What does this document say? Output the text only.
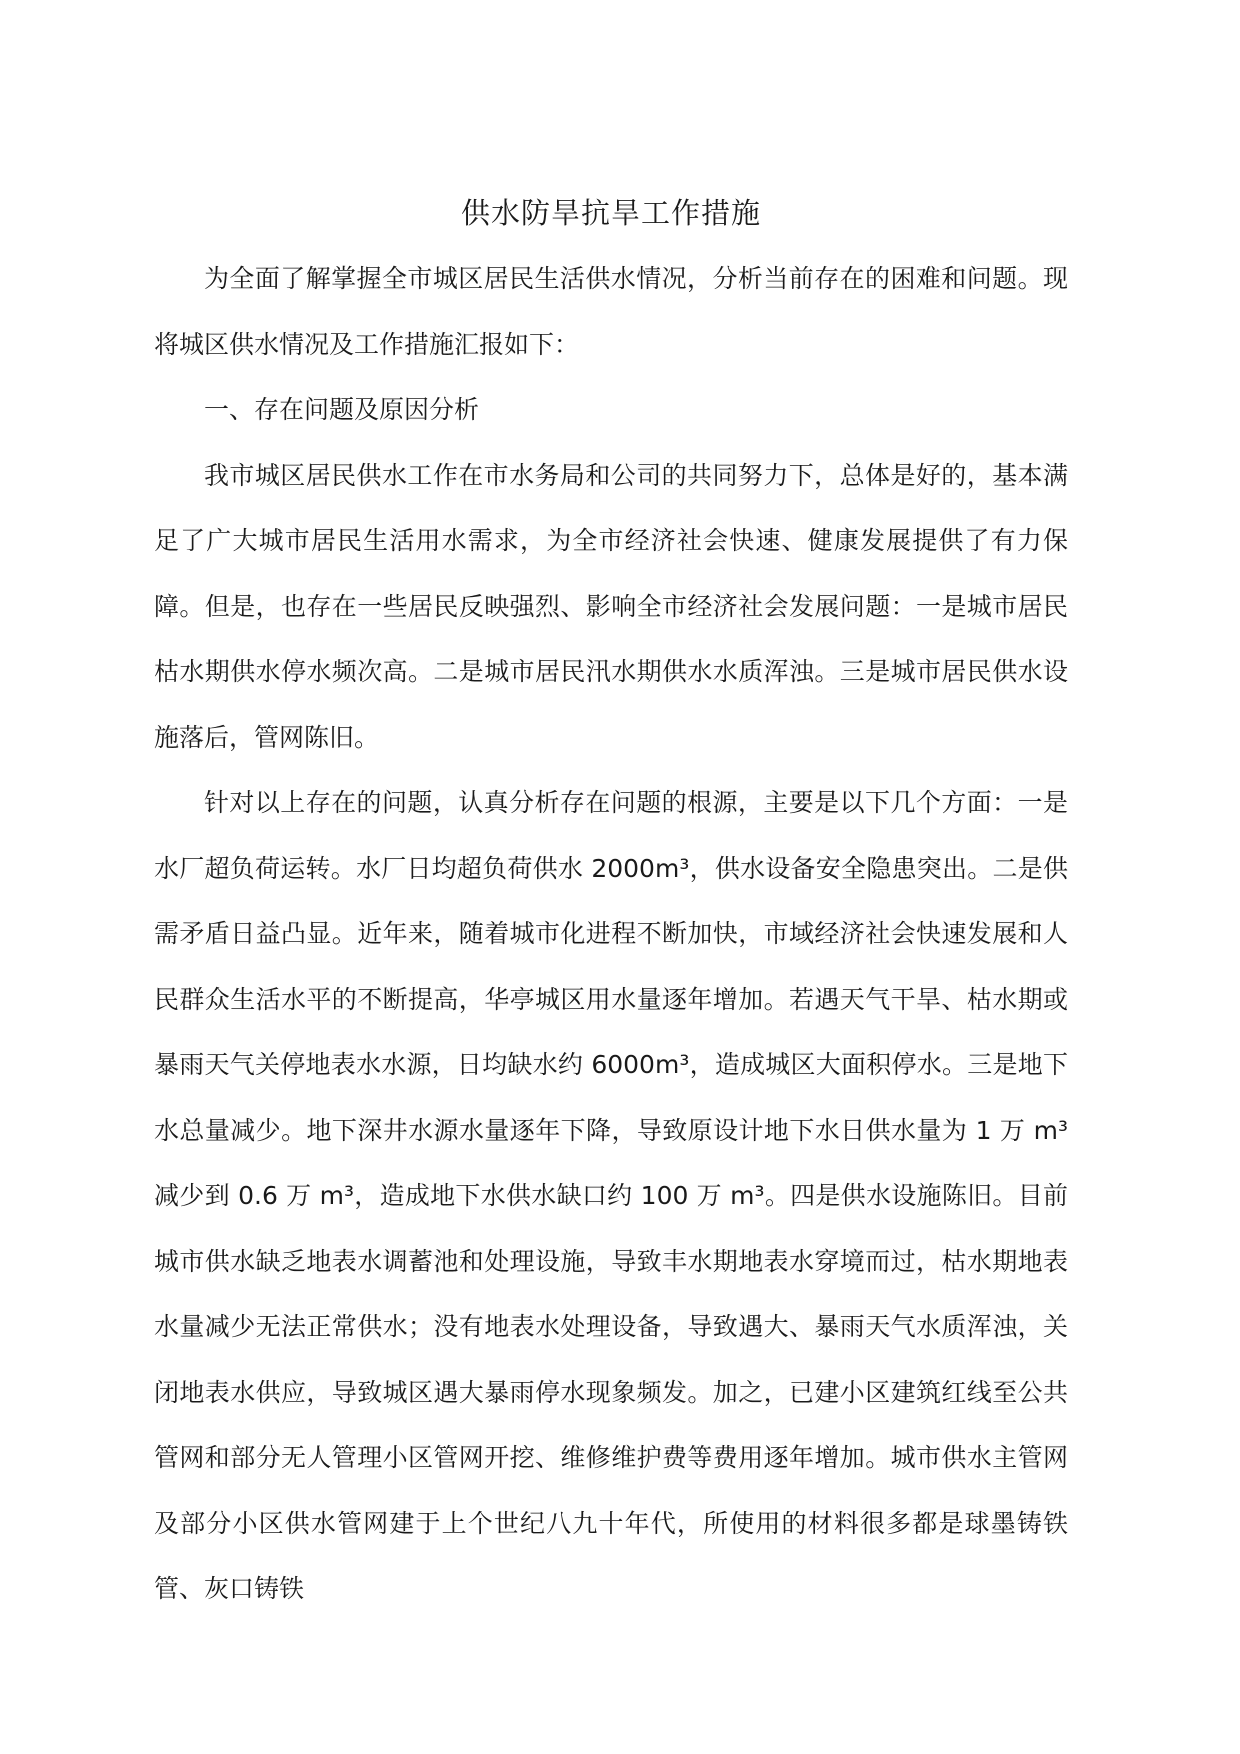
供水防旱抗旱工作措施

为全面了解掌握全市城区居民生活供水情况，分析当前存在的困难和问题。现将城区供水情况及工作措施汇报如下：

一、存在问题及原因分析

我市城区居民供水工作在市水务局和公司的共同努力下，总体是好的，基本满足了广大城市居民生活用水需求，为全市经济社会快速、健康发展提供了有力保障。但是，也存在一些居民反映强烈、影响全市经济社会发展问题：一是城市居民枯水期供水停水频次高。二是城市居民汛水期供水水质浑浊。三是城市居民供水设施落后，管网陈旧。

针对以上存在的问题，认真分析存在问题的根源，主要是以下几个方面：一是水厂超负荷运转。水厂日均超负荷供水 2000m³，供水设备安全隐患突出。二是供需矛盾日益凸显。近年来，随着城市化进程不断加快，市域经济社会快速发展和人民群众生活水平的不断提高，华亭城区用水量逐年增加。若遇天气干旱、枯水期或暴雨天气关停地表水水源，日均缺水约 6000m³，造成城区大面积停水。三是地下水总量减少。地下深井水源水量逐年下降，导致原设计地下水日供水量为 1 万 m³ 减少到 0.6 万 m³，造成地下水供水缺口约 100 万 m³。四是供水设施陈旧。目前城市供水缺乏地表水调蓄池和处理设施，导致丰水期地表水穿境而过，枯水期地表水量减少无法正常供水；没有地表水处理设备，导致遇大、暴雨天气水质浑浊，关闭地表水供应，导致城区遇大暴雨停水现象频发。加之，已建小区建筑红线至公共管网和部分无人管理小区管网开挖、维修维护费等费用逐年增加。城市供水主管网及部分小区供水管网建于上个世纪八九十年代，所使用的材料很多都是球墨铸铁管、灰口铸铁
